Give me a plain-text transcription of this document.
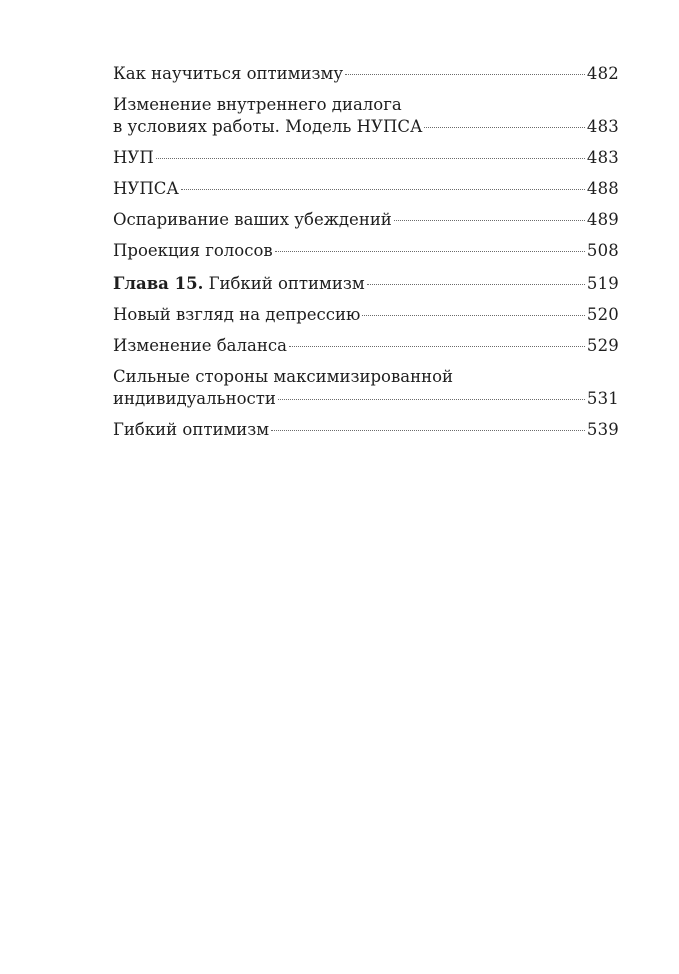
Как научиться оптимизму	482
Изменение внутреннего диалога
в условиях работы. Модель НУПСА	483
НУП	483
НУПСА	488
Оспаривание ваших убеждений	489
Проекция голосов	508
Глава 15. Гибкий оптимизм	519
Новый взгляд на депрессию	520
Изменение баланса	529
Сильные стороны максимизированной
индивидуальности	531
Гибкий оптимизм	539
